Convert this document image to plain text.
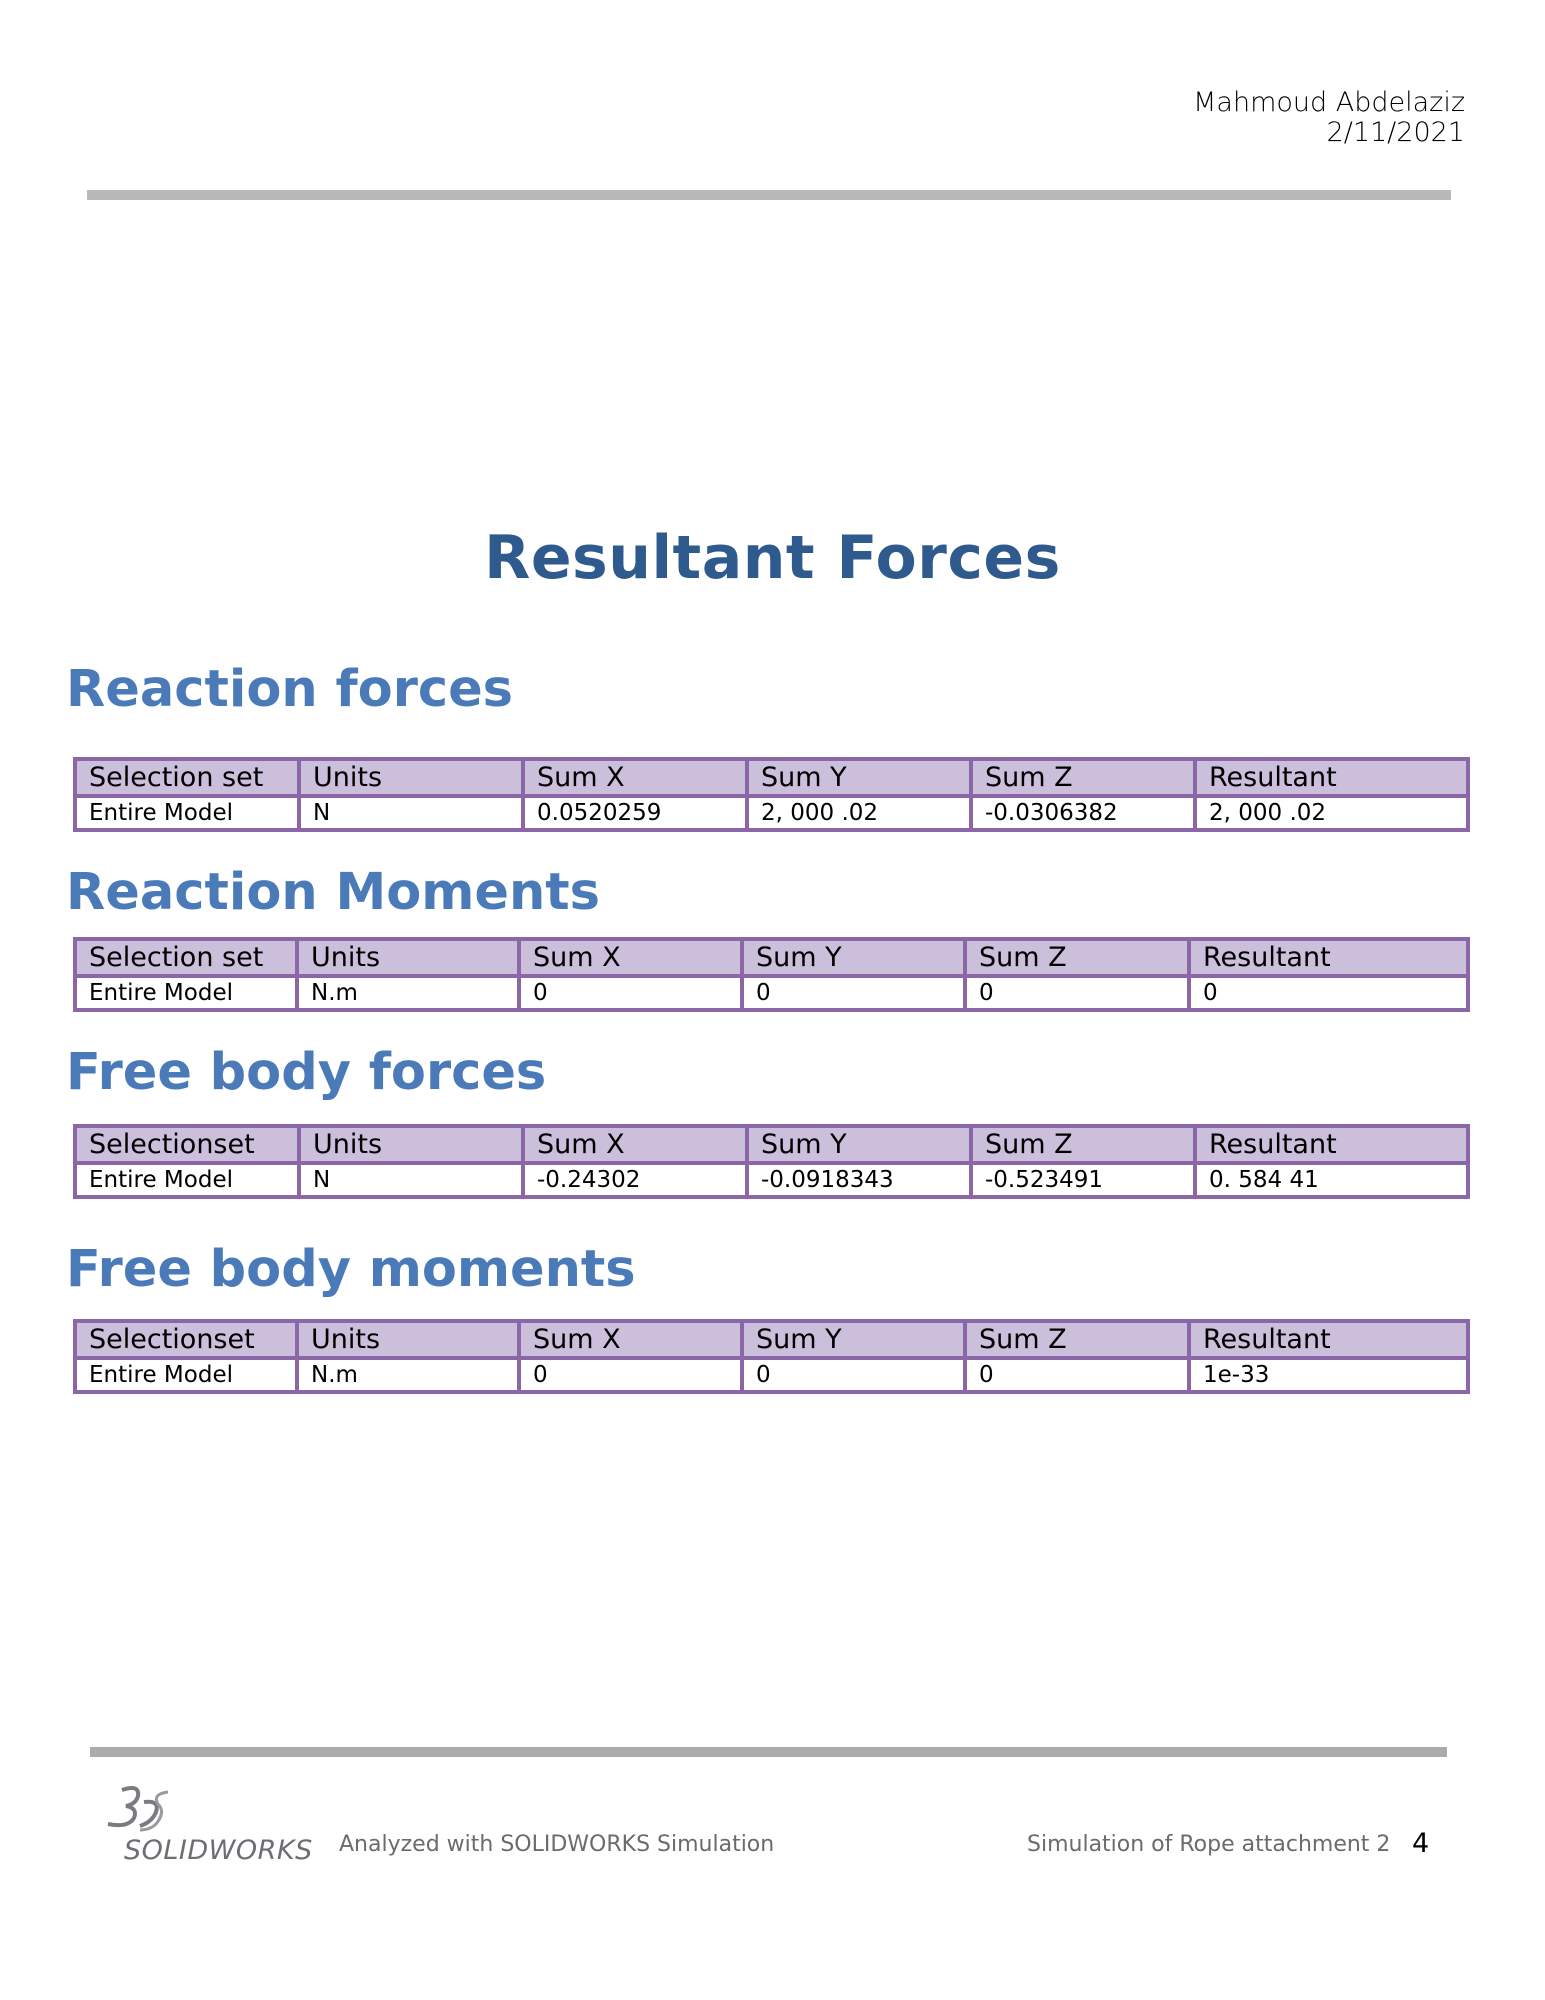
Mahmoud Abdelaziz
2/11/2021
Resultant Forces
Reaction forces
Selection set	Units	Sum X	Sum Y	Sum Z	Resultant
Entire Model	N	0.0520259	2, 000 .02	-0.0306382	2, 000 .02
Reaction Moments
Selection set	Units	Sum X	Sum Y	Sum Z	Resultant
Entire Model	N.m	0	0	0	0
Free body forces
Selectionset	Units	Sum X	Sum Y	Sum Z	Resultant
Entire Model	N	-0.24302	-0.0918343	-0.523491	0. 584 41
Free body moments
Selectionset	Units	Sum X	Sum Y	Sum Z	Resultant
Entire Model	N.m	0	0	0	1e-33
SOLIDWORKS Analyzed with SOLIDWORKS Simulation	Simulation of Rope attachment 2 4
